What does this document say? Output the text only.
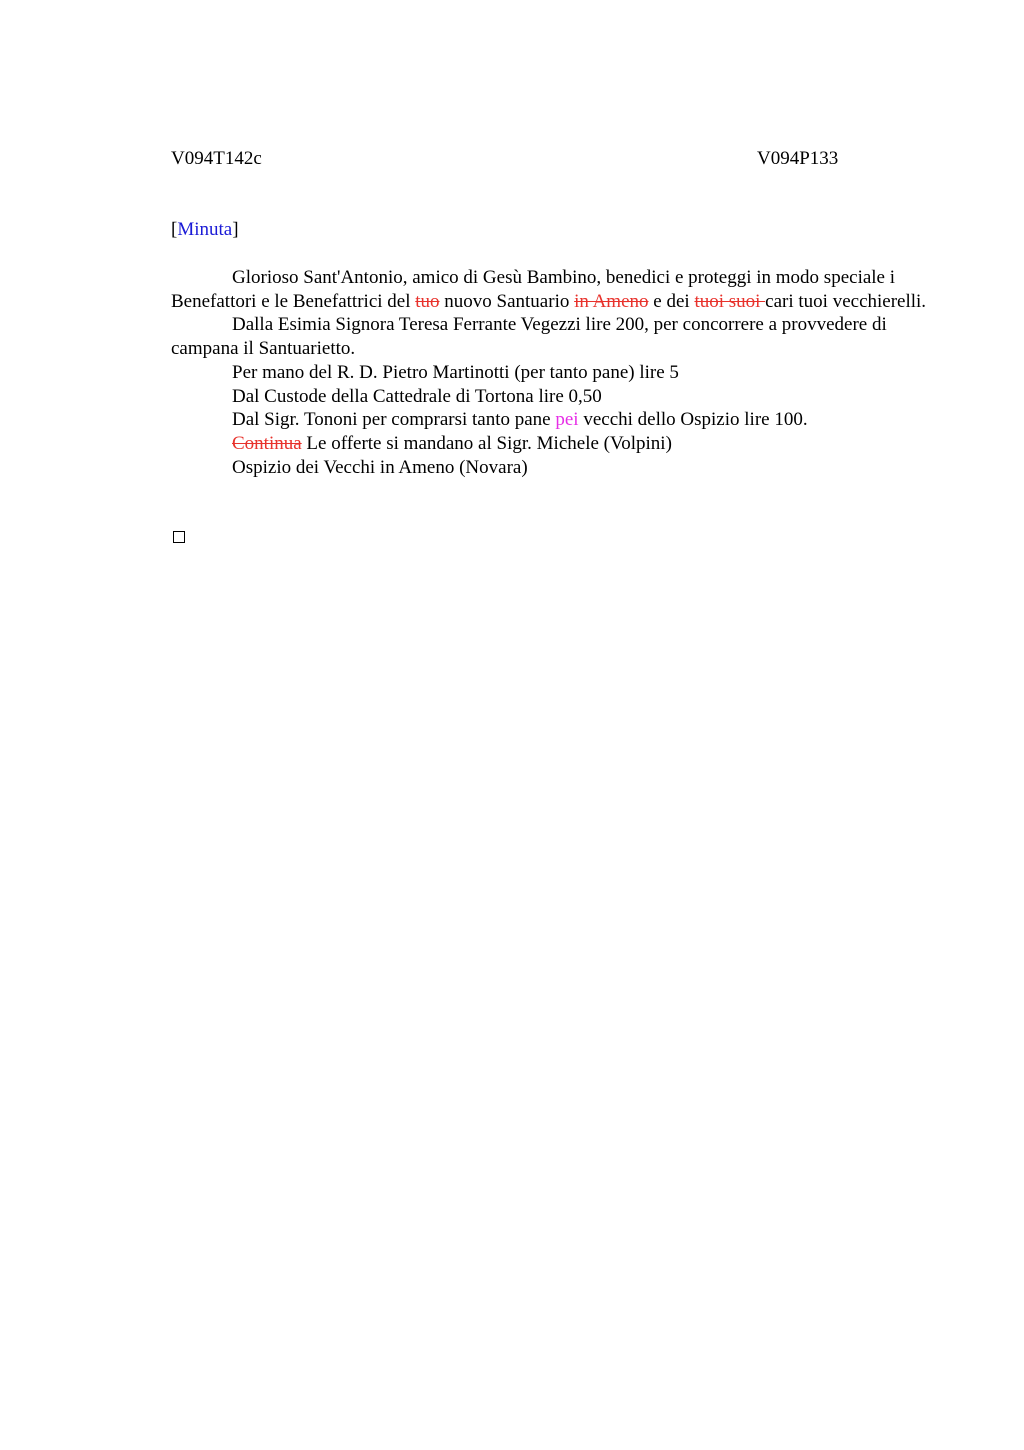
V094T142c	V094P133
[Minuta]

Glorioso Sant'Antonio, amico di Gesù Bambino, benedici e proteggi in modo speciale i Benefattori e le Benefattrici del tuo nuovo Santuario in Ameno e dei tuoi suoi cari tuoi vecchierelli.

Dalla Esimia Signora Teresa Ferrante Vegezzi lire 200, per concorrere a provvedere di campana il Santuarietto.

Per mano del R. D. Pietro Martinotti (per tanto pane) lire 5

Dal Custode della Cattedrale di Tortona lire 0,50

Dal Sigr. Tononi per comprarsi tanto pane pei vecchi dello Ospizio lire 100.

Continua Le offerte si mandano al Sigr. Michele (Volpini)

Ospizio dei Vecchi in Ameno (Novara)
